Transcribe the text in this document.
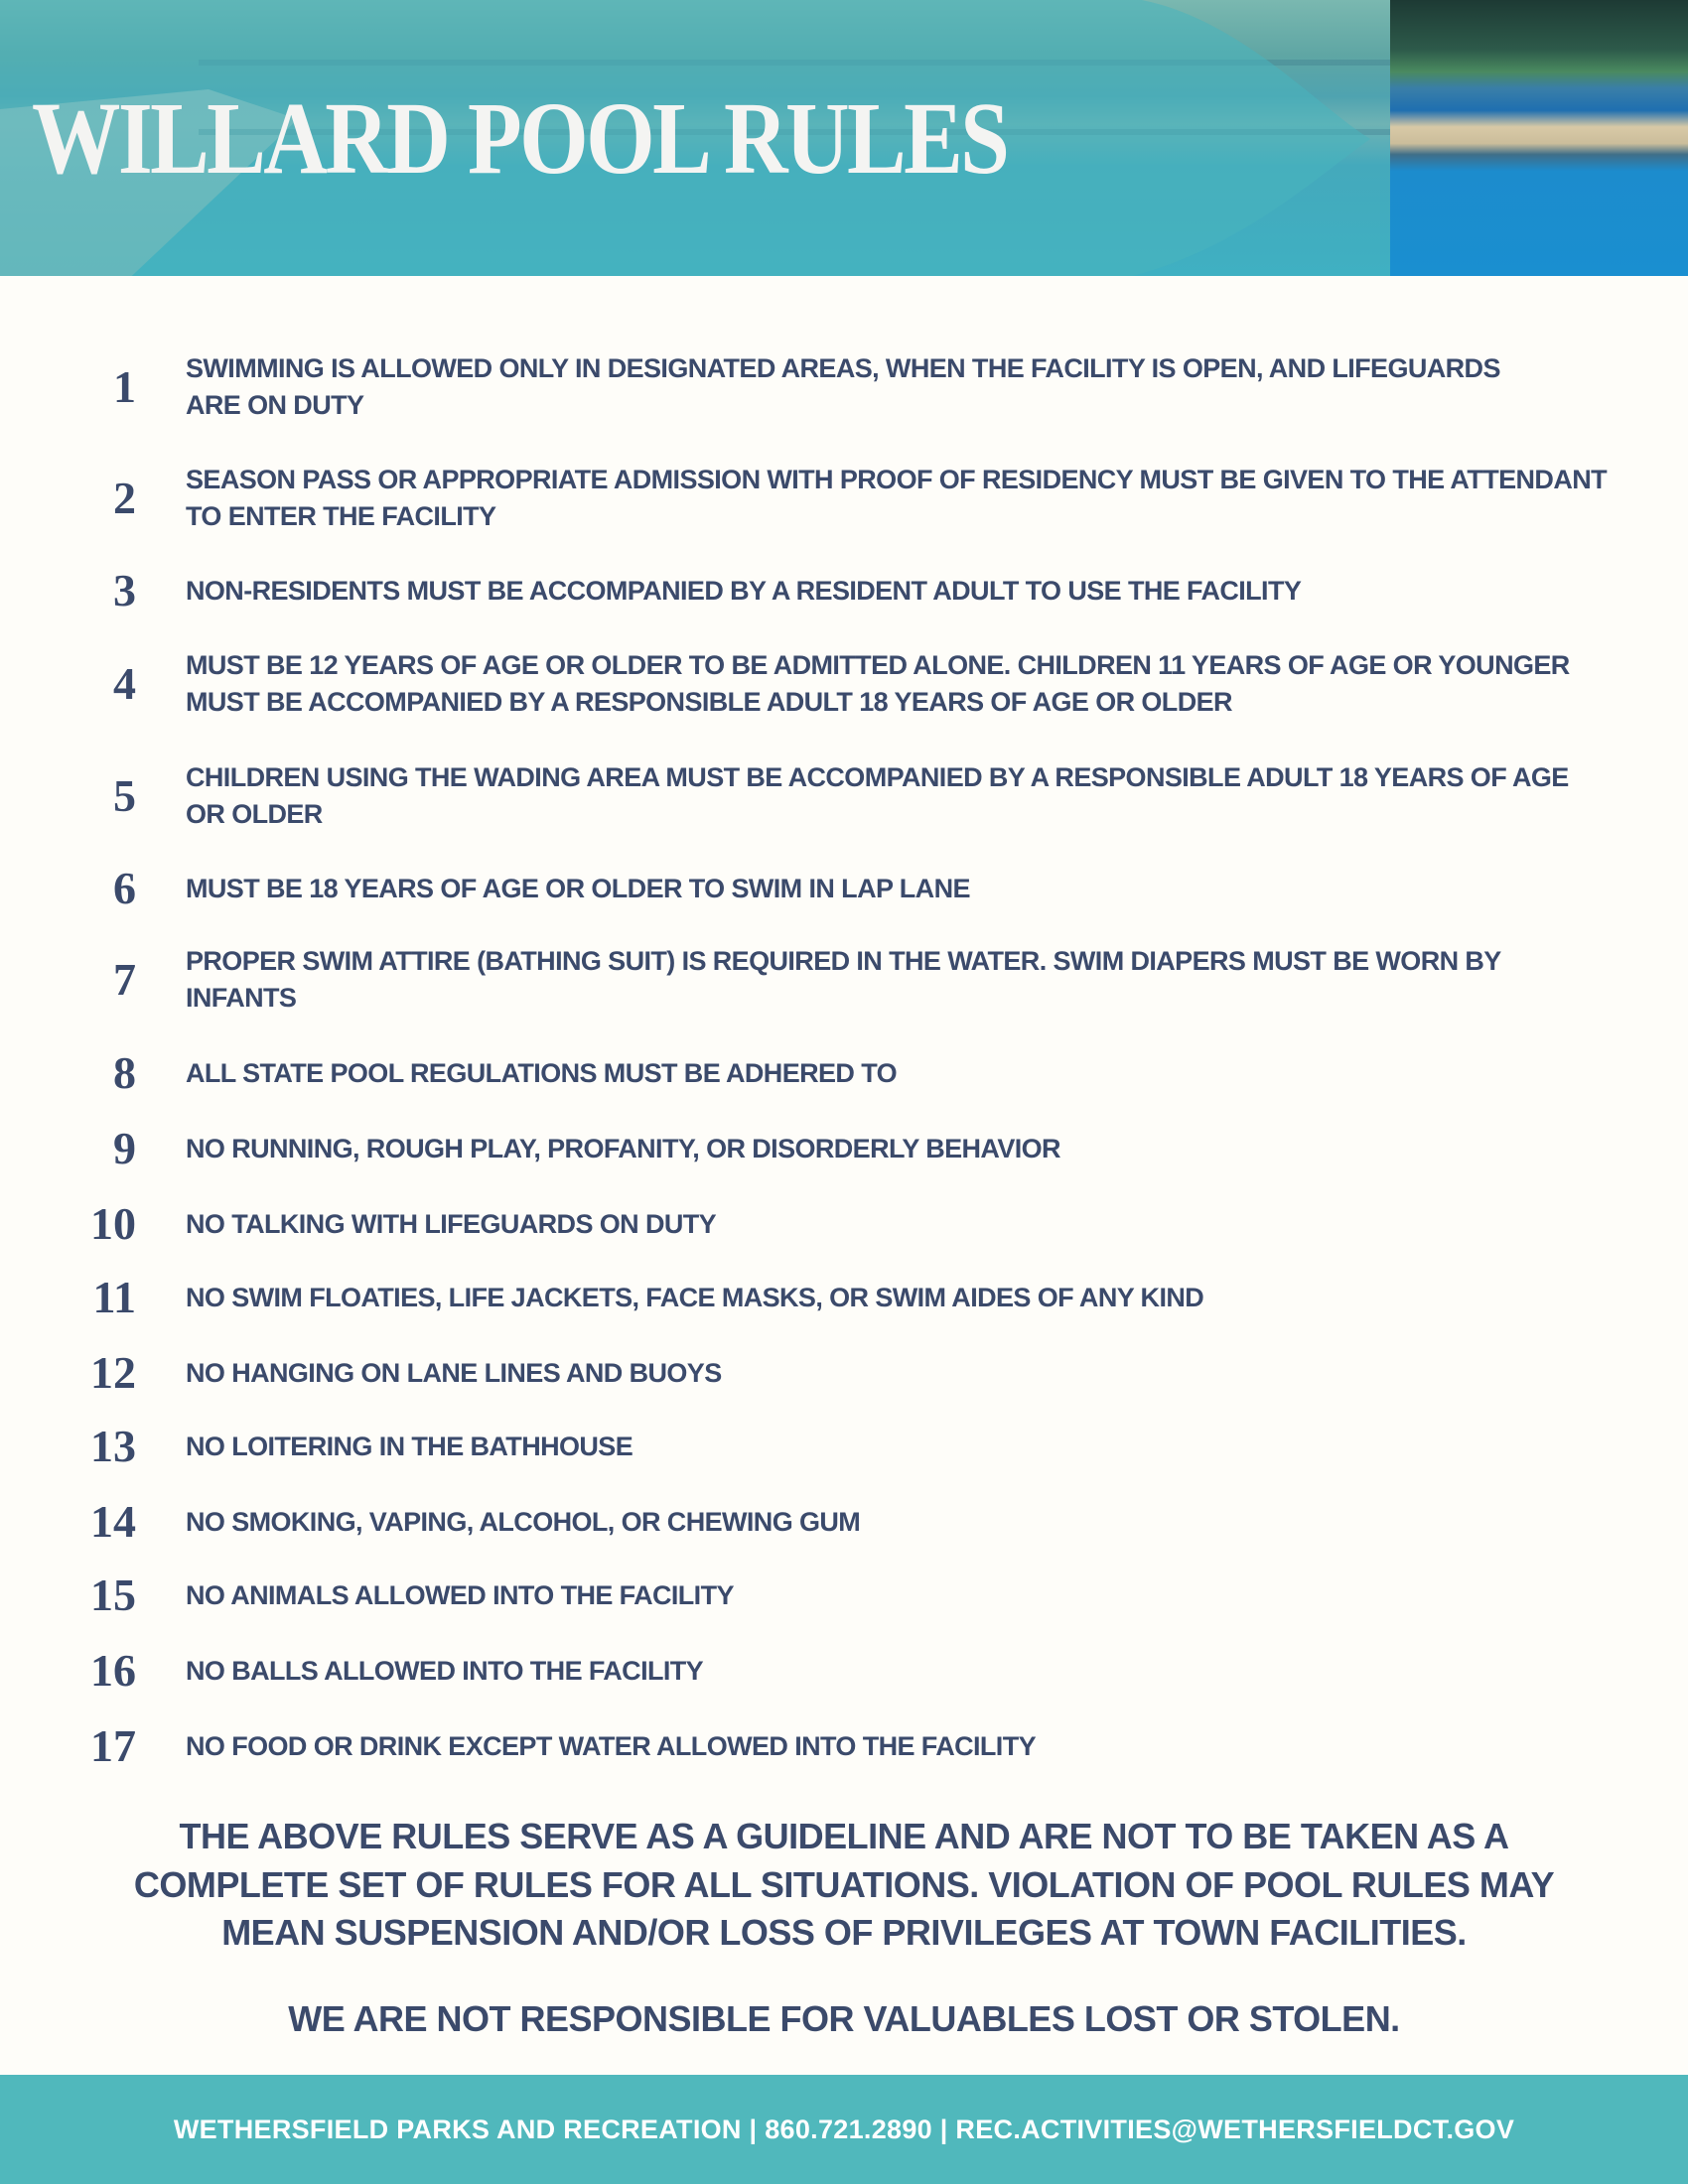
WILLARD POOL RULES
1 SWIMMING IS ALLOWED ONLY IN DESIGNATED AREAS, WHEN THE FACILITY IS OPEN, AND LIFEGUARDS ARE ON DUTY
2 SEASON PASS OR APPROPRIATE ADMISSION WITH PROOF OF RESIDENCY MUST BE GIVEN TO THE ATTENDANT TO ENTER THE FACILITY
3 NON-RESIDENTS MUST BE ACCOMPANIED BY A RESIDENT ADULT TO USE THE FACILITY
4 MUST BE 12 YEARS OF AGE OR OLDER TO BE ADMITTED ALONE. CHILDREN 11 YEARS OF AGE OR YOUNGER MUST BE ACCOMPANIED BY A RESPONSIBLE ADULT 18 YEARS OF AGE OR OLDER
5 CHILDREN USING THE WADING AREA MUST BE ACCOMPANIED BY A RESPONSIBLE ADULT 18 YEARS OF AGE OR OLDER
6 MUST BE 18 YEARS OF AGE OR OLDER TO SWIM IN LAP LANE
7 PROPER SWIM ATTIRE (BATHING SUIT) IS REQUIRED IN THE WATER. SWIM DIAPERS MUST BE WORN BY INFANTS
8 ALL STATE POOL REGULATIONS MUST BE ADHERED TO
9 NO RUNNING, ROUGH PLAY, PROFANITY, OR DISORDERLY BEHAVIOR
10 NO TALKING WITH LIFEGUARDS ON DUTY
11 NO SWIM FLOATIES, LIFE JACKETS, FACE MASKS, OR SWIM AIDES OF ANY KIND
12 NO HANGING ON LANE LINES AND BUOYS
13 NO LOITERING IN THE BATHHOUSE
14 NO SMOKING, VAPING, ALCOHOL, OR CHEWING GUM
15 NO ANIMALS ALLOWED INTO THE FACILITY
16 NO BALLS ALLOWED INTO THE FACILITY
17 NO FOOD OR DRINK EXCEPT WATER ALLOWED INTO THE FACILITY

THE ABOVE RULES SERVE AS A GUIDELINE AND ARE NOT TO BE TAKEN AS A COMPLETE SET OF RULES FOR ALL SITUATIONS. VIOLATION OF POOL RULES MAY MEAN SUSPENSION AND/OR LOSS OF PRIVILEGES AT TOWN FACILITIES.

WE ARE NOT RESPONSIBLE FOR VALUABLES LOST OR STOLEN.

WETHERSFIELD PARKS AND RECREATION | 860.721.2890 | REC.ACTIVITIES@WETHERSFIELDCT.GOV
